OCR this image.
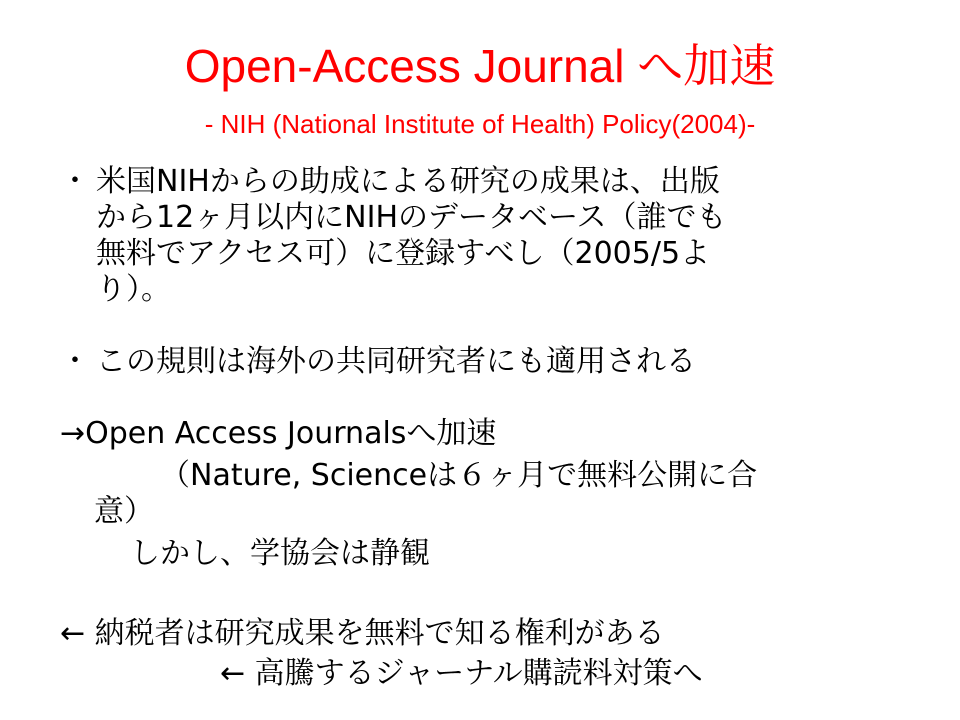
Open-Access Journal へ加速
- NIH (National Institute of Health) Policy(2004)-
・ 米国NIHからの助成による研究の成果は、出版
から12ヶ月以内にNIHのデータベース（誰でも
無料でアクセス可）に登録すべし（2005/5よ
り）。
・ この規則は海外の共同研究者にも適用される
→Open Access Journalsへ加速
（Nature, Scienceは６ヶ月で無料公開に合
意）
しかし、学協会は静観
← 納税者は研究成果を無料で知る権利がある
← 高騰するジャーナル購読料対策へ
